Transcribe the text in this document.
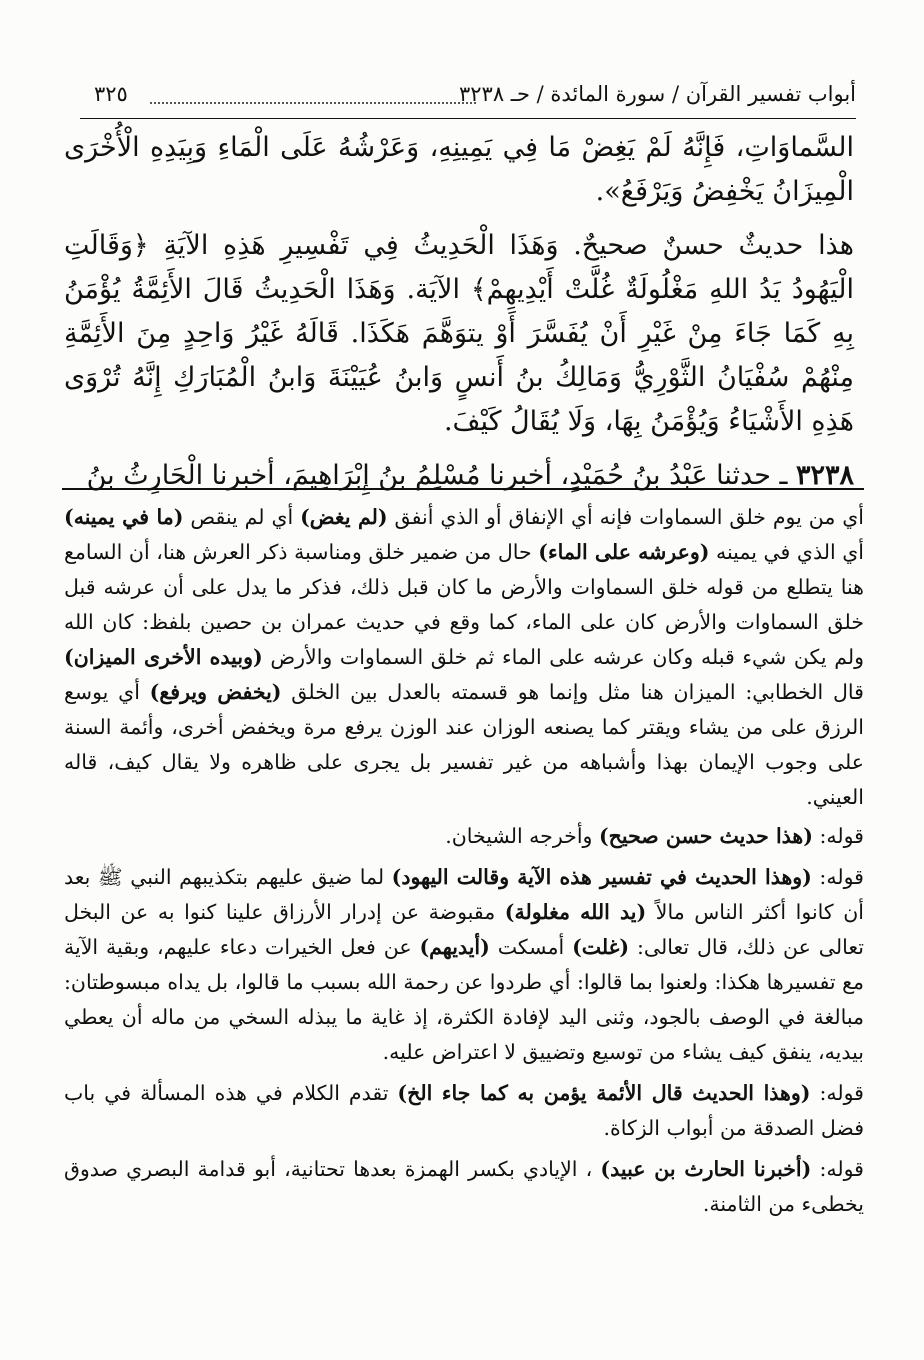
أبواب تفسير القرآن / سورة المائدة / حـ ٣٢٣٨
٣٢٥

السَّماوَاتِ، فَإِنَّهُ لَمْ يَغِضْ مَا فِي يَمِينِهِ، وَعَرْشُهُ عَلَى الْمَاءِ وَبِيَدِهِ الْأُخْرَى الْمِيزَانُ يَخْفِضُ وَيَرْفَعُ».

هذا حديثٌ حسنٌ صحيحٌ. وَهَذَا الْحَدِيثُ فِي تَفْسِيرِ هَذِهِ الآيَةِ ﴿وَقَالَتِ الْيَهُودُ يَدُ اللهِ مَغْلُولَةٌ غُلَّتْ أَيْدِيهِمْ﴾ الآيَة. وَهَذَا الْحَدِيثُ قَالَ الأَئِمَّةُ يُؤْمَنُ بِهِ كَمَا جَاءَ مِنْ غَيْرِ أَنْ يُفَسَّرَ أَوْ يتوَهَّمَ هَكَذَا. قَالَهُ غَيْرُ وَاحِدٍ مِنَ الأَئِمَّةِ مِنْهُمْ سُفْيَانُ الثَّوْرِيُّ وَمَالِكُ بنُ أَنسٍ وَابنُ عُيَيْنَةَ وَابنُ الْمُبَارَكِ إِنَّهُ تُرْوَى هَذِهِ الأَشْيَاءُ وَيُؤْمَنُ بِهَا، وَلَا يُقَالُ كَيْفَ.

٣٢٣٨ ـ حدثنا عَبْدُ بنُ حُمَيْدٍ، أخبرنا مُسْلِمُ بنُ إِبْرَاهِيمَ، أخبرنا الْحَارِثُ بنُ

أي من يوم خلق السماوات فإنه أي الإنفاق أو الذي أنفق (لم يغض) أي لم ينقص (ما في يمينه) أي الذي في يمينه (وعرشه على الماء) حال من ضمير خلق ومناسبة ذكر العرش هنا، أن السامع هنا يتطلع من قوله خلق السماوات والأرض ما كان قبل ذلك، فذكر ما يدل على أن عرشه قبل خلق السماوات والأرض كان على الماء، كما وقع في حديث عمران بن حصين بلفظ: كان الله ولم يكن شيء قبله وكان عرشه على الماء ثم خلق السماوات والأرض (وبيده الأخرى الميزان) قال الخطابي: الميزان هنا مثل وإنما هو قسمته بالعدل بين الخلق (يخفض ويرفع) أي يوسع الرزق على من يشاء ويقتر كما يصنعه الوزان عند الوزن يرفع مرة ويخفض أخرى، وأئمة السنة على وجوب الإيمان بهذا وأشباهه من غير تفسير بل يجرى على ظاهره ولا يقال كيف، قاله العيني.

قوله: (هذا حديث حسن صحيح) وأخرجه الشيخان.

قوله: (وهذا الحديث في تفسير هذه الآية وقالت اليهود) لما ضيق عليهم بتكذيبهم النبي ﷺ بعد أن كانوا أكثر الناس مالاً (يد الله مغلولة) مقبوضة عن إدرار الأرزاق علينا كنوا به عن البخل تعالى عن ذلك، قال تعالى: (غلت) أمسكت (أيديهم) عن فعل الخيرات دعاء عليهم، وبقية الآية مع تفسيرها هكذا: ولعنوا بما قالوا: أي طردوا عن رحمة الله بسبب ما قالوا، بل يداه مبسوطتان: مبالغة في الوصف بالجود، وثنى اليد لإفادة الكثرة، إذ غاية ما يبذله السخي من ماله أن يعطي بيديه، ينفق كيف يشاء من توسيع وتضييق لا اعتراض عليه.

قوله: (وهذا الحديث قال الأئمة يؤمن به كما جاء الخ) تقدم الكلام في هذه المسألة في باب فضل الصدقة من أبواب الزكاة.

قوله: (أخبرنا الحارث بن عبيد) ، الإيادي بكسر الهمزة بعدها تحتانية، أبو قدامة البصري صدوق يخطىء من الثامنة.
